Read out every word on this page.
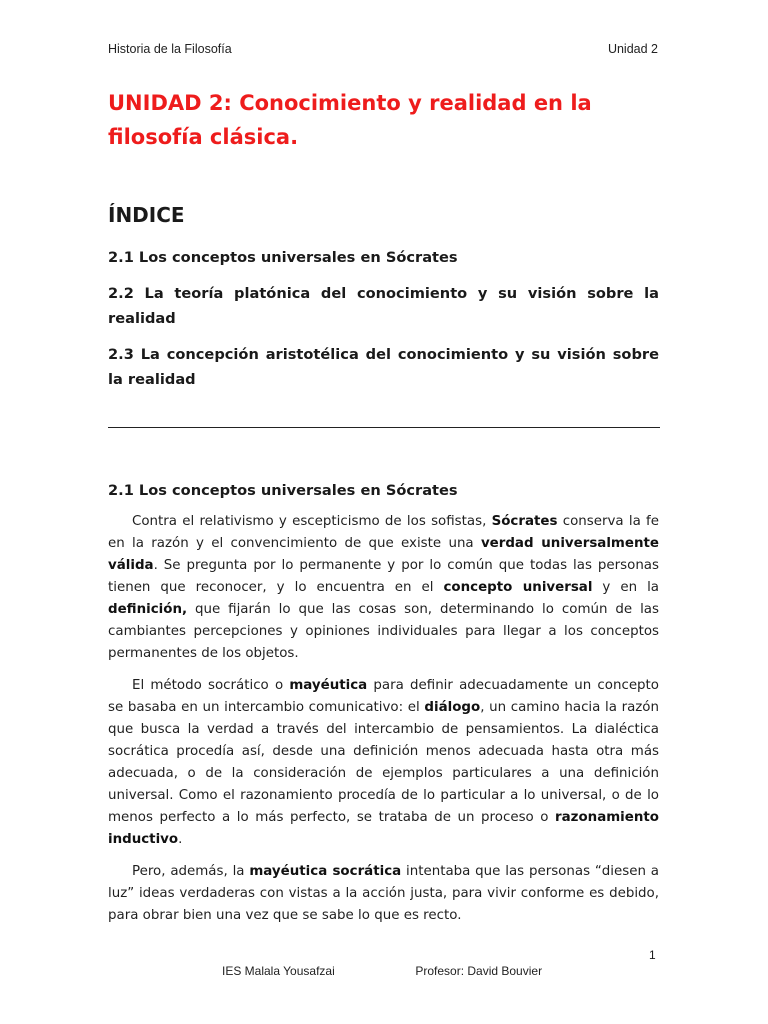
Historia de la Filosofía	Unidad 2
UNIDAD 2: Conocimiento y realidad en la filosofía clásica.
ÍNDICE
2.1 Los conceptos universales en Sócrates
2.2 La teoría platónica del conocimiento y su visión sobre la realidad
2.3 La concepción aristotélica del conocimiento y su visión sobre la realidad
2.1 Los conceptos universales en Sócrates

Contra el relativismo y escepticismo de los sofistas, Sócrates conserva la fe en la razón y el convencimiento de que existe una verdad universalmente válida. Se pregunta por lo permanente y por lo común que todas las personas tienen que reconocer, y lo encuentra en el concepto universal y en la definición, que fijarán lo que las cosas son, determinando lo común de las cambiantes percepciones y opiniones individuales para llegar a los conceptos permanentes de los objetos.

El método socrático o mayéutica para definir adecuadamente un concepto se basaba en un intercambio comunicativo: el diálogo, un camino hacia la razón que busca la verdad a través del intercambio de pensamientos. La dialéctica socrática procedía así, desde una definición menos adecuada hasta otra más adecuada, o de la consideración de ejemplos particulares a una definición universal. Como el razonamiento procedía de lo particular a lo universal, o de lo menos perfecto a lo más perfecto, se trataba de un proceso o razonamiento inductivo.

Pero, además, la mayéutica socrática intentaba que las personas “diesen a luz” ideas verdaderas con vistas a la acción justa, para vivir conforme es debido, para obrar bien una vez que se sabe lo que es recto.

1
IES Malala Yousafzai	Profesor: David Bouvier
